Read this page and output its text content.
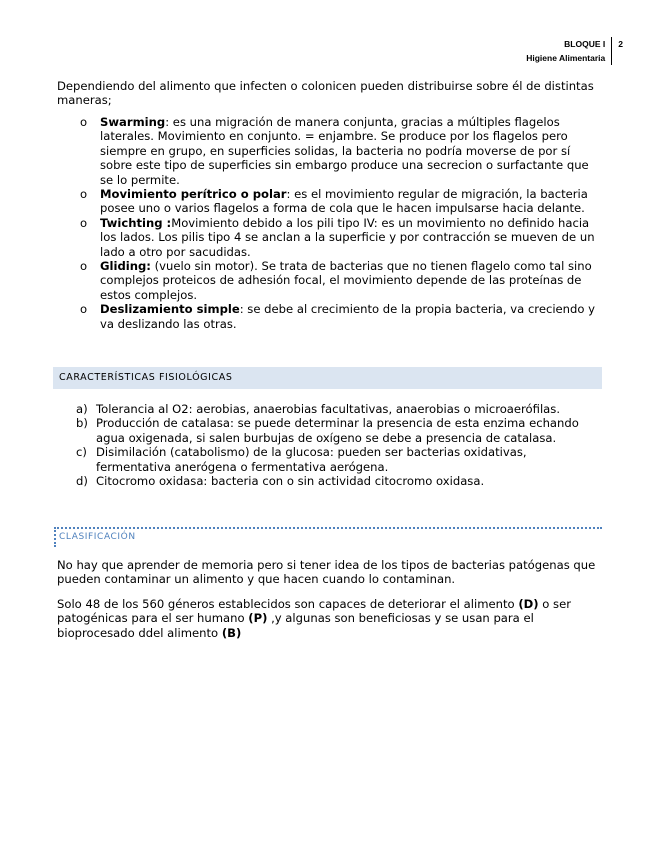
BLOQUE I
Higiene Alimentaria
2

Dependiendo del alimento que infecten o colonicen pueden distribuirse sobre él de distintas maneras;

o Swarming: es una migración de manera conjunta, gracias a múltiples flagelos laterales. Movimiento en conjunto. = enjambre. Se produce por los flagelos pero siempre en grupo, en superficies solidas, la bacteria no podría moverse de por sí sobre este tipo de superficies sin embargo produce una secrecion o surfactante que se lo permite.
o Movimiento perítrico o polar: es el movimiento regular de migración, la bacteria posee uno o varios flagelos a forma de cola que le hacen impulsarse hacia delante.
o Twichting :Movimiento debido a los pili tipo IV: es un movimiento no definido hacia los lados. Los pilis tipo 4 se anclan a la superficie y por contracción se mueven de un lado a otro por sacudidas.
o Gliding: (vuelo sin motor). Se trata de bacterias que no tienen flagelo como tal sino complejos proteicos de adhesión focal, el movimiento depende de las proteínas de estos complejos.
o Deslizamiento simple: se debe al crecimiento de la propia bacteria, va creciendo y va deslizando las otras.
CARACTERÍSTICAS FISIOLÓGICAS
a) Tolerancia al O2: aerobias, anaerobias facultativas, anaerobias o microaerófilas.
b) Producción de catalasa: se puede determinar la presencia de esta enzima echando agua oxigenada, si salen burbujas de oxígeno se debe a presencia de catalasa.
c) Disimilación (catabolismo) de la glucosa: pueden ser bacterias oxidativas, fermentativa anerógena o fermentativa aerógena.
d) Citocromo oxidasa: bacteria con o sin actividad citocromo oxidasa.
CLASIFICACIÓN

No hay que aprender de memoria pero si tener idea de los tipos de bacterias patógenas que pueden contaminar un alimento y que hacen cuando lo contaminan.

Solo 48 de los 560 géneros establecidos son capaces de deteriorar el alimento (D) o ser patogénicas para el ser humano (P) ,y algunas son beneficiosas y se usan para el bioprocesado ddel alimento (B)
